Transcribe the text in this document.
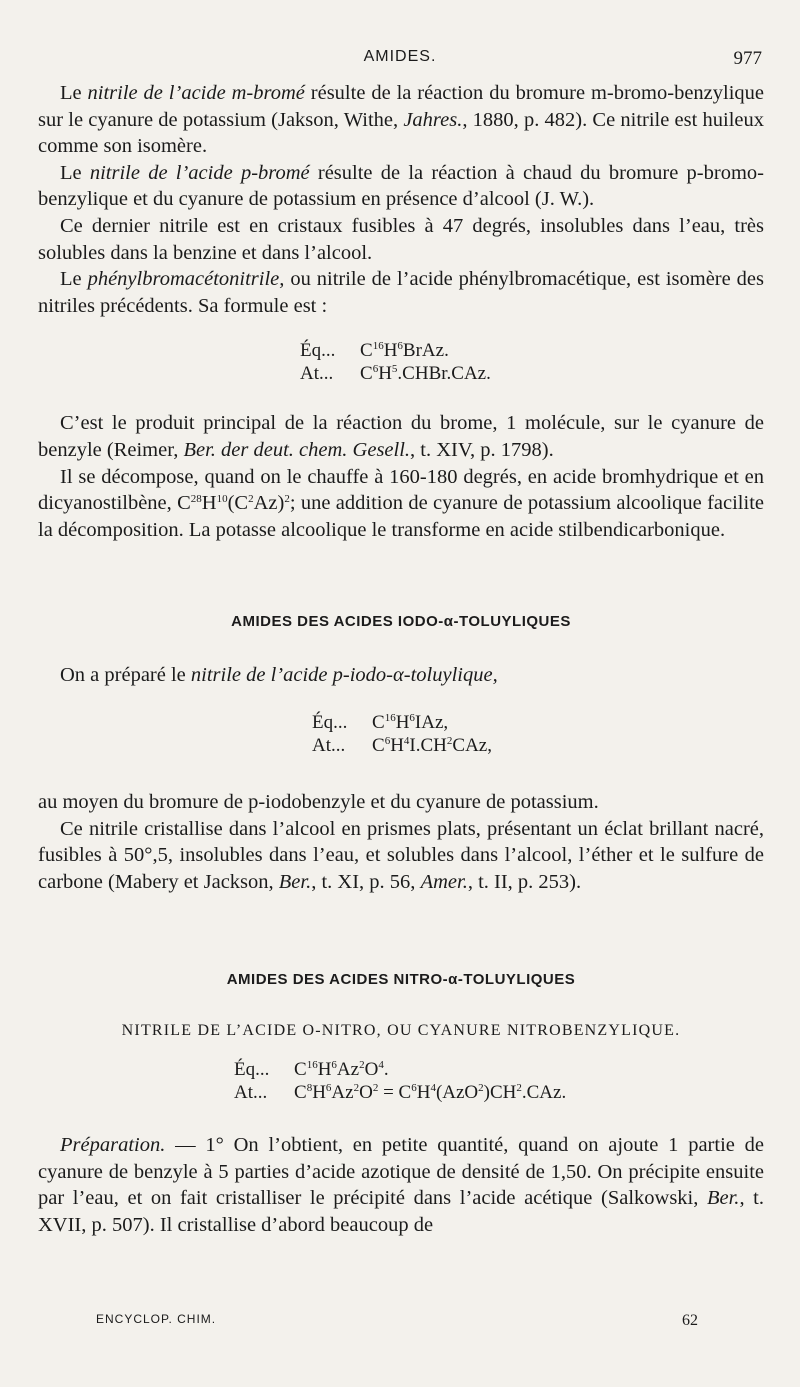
AMIDES.	977

Le nitrile de l’acide m-bromé résulte de la réaction du bromure m-bromo-benzylique sur le cyanure de potassium (Jakson, Withe, Jahres., 1880, p. 482). Ce nitrile est huileux comme son isomère.

Le nitrile de l’acide p-bromé résulte de la réaction à chaud du bromure p-bromo-benzylique et du cyanure de potassium en présence d’alcool (J. W.).

Ce dernier nitrile est en cristaux fusibles à 47 degrés, insolubles dans l’eau, très solubles dans la benzine et dans l’alcool.

Le phénylbromacétonitrile, ou nitrile de l’acide phénylbromacétique, est isomère des nitriles précédents. Sa formule est :

Éq...	$C^{16}H^6BrAz$.
At...	$C^6H^5.CHBr.CAz$.

C’est le produit principal de la réaction du brome, 1 molécule, sur le cyanure de benzyle (Reimer, Ber. der deut. chem. Gesell., t. XIV, p. 1798).

Il se décompose, quand on le chauffe à 160-180 degrés, en acide bromhydrique et en dicyanostilbène, $C^{28}H^{10}(C^2Az)^2$; une addition de cyanure de potassium alcoolique facilite la décomposition. La potasse alcoolique le transforme en acide stilbendicarbonique.

AMIDES DES ACIDES IODO-α-TOLUYLIQUES

On a préparé le nitrile de l’acide p-iodo-α-toluylique,

Éq...	$C^{16}H^6IAz$,
At...	$C^6H^4I.CH^2CAz$,

au moyen du bromure de p-iodobenzyle et du cyanure de potassium.

Ce nitrile cristallise dans l’alcool en prismes plats, présentant un éclat brillant nacré, fusibles à 50°,5, insolubles dans l’eau, et solubles dans l’alcool, l’éther et le sulfure de carbone (Mabery et Jackson, Ber., t. XI, p. 56, Amer., t. II, p. 253).

AMIDES DES ACIDES NITRO-α-TOLUYLIQUES
NITRILE DE L’ACIDE O-NITRO, OU CYANURE NITROBENZYLIQUE.
Éq...	$C^{16}H^6Az^2O^4$.
At...	$C^8H^6Az^2O^2 = C^6H^4(AzO^2)CH^2.CAz$.

Préparation. — 1° On l’obtient, en petite quantité, quand on ajoute 1 partie de cyanure de benzyle à 5 parties d’acide azotique de densité de 1,50. On précipite ensuite par l’eau, et on fait cristalliser le précipité dans l’acide acétique (Salkowski, Ber., t. XVII, p. 507). Il cristallise d’abord beaucoup de

ENCYCLOP. CHIM.	62
